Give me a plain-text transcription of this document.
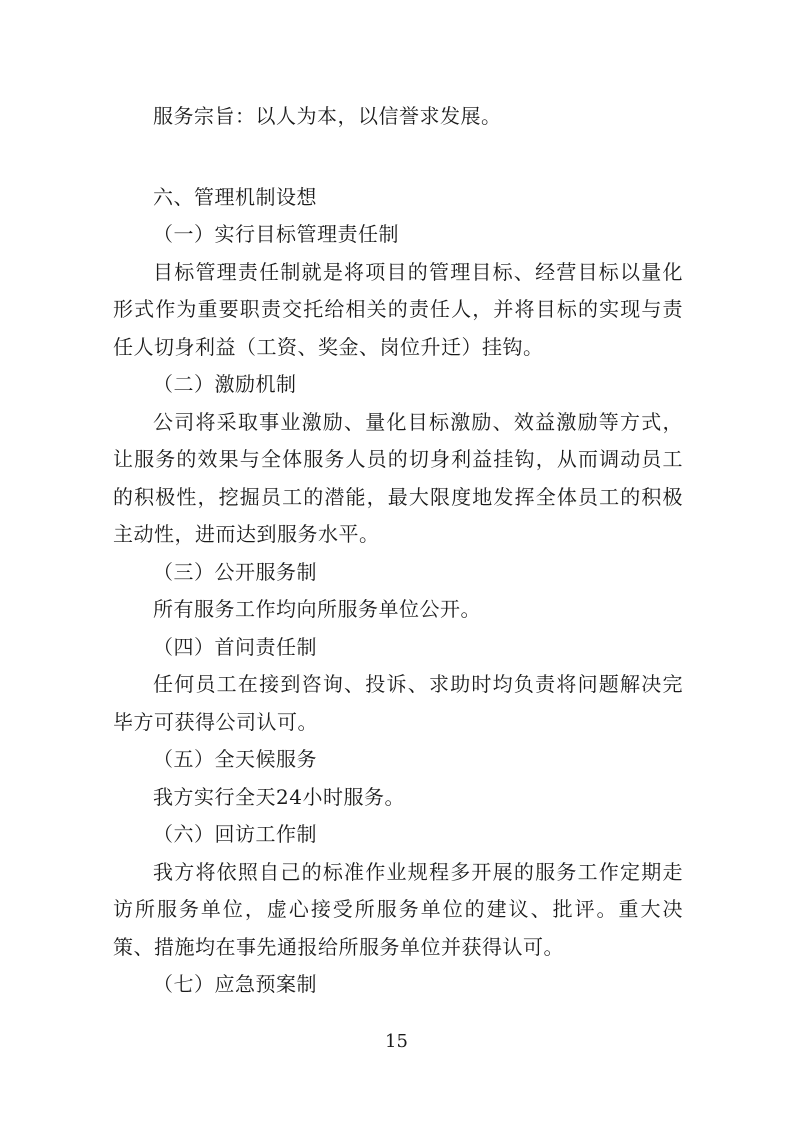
服务宗旨：以人为本，以信誉求发展。

六、管理机制设想

（一）实行目标管理责任制

目标管理责任制就是将项目的管理目标、经营目标以量化形式作为重要职责交托给相关的责任人，并将目标的实现与责任人切身利益（工资、奖金、岗位升迁）挂钩。

（二）激励机制

公司将采取事业激励、量化目标激励、效益激励等方式，让服务的效果与全体服务人员的切身利益挂钩，从而调动员工的积极性，挖掘员工的潜能，最大限度地发挥全体员工的积极主动性，进而达到服务水平。

（三）公开服务制

所有服务工作均向所服务单位公开。

（四）首问责任制

任何员工在接到咨询、投诉、求助时均负责将问题解决完毕方可获得公司认可。

（五）全天候服务

我方实行全天24小时服务。

（六）回访工作制

我方将依照自己的标准作业规程多开展的服务工作定期走访所服务单位，虚心接受所服务单位的建议、批评。重大决策、措施均在事先通报给所服务单位并获得认可。

（七）应急预案制

15
